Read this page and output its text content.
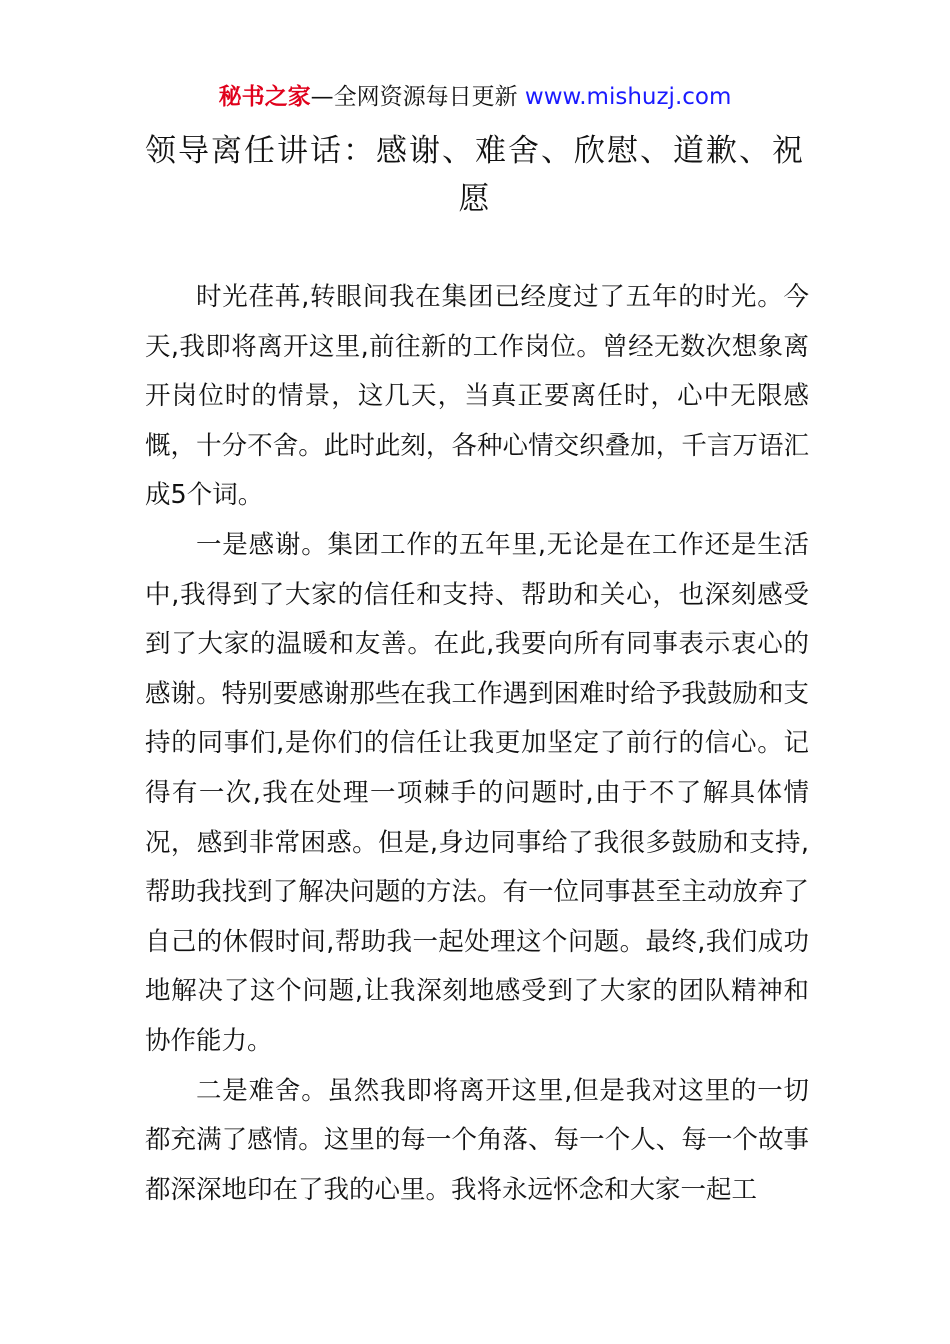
秘书之家—全网资源每日更新 www.mishuzj.com
领导离任讲话：感谢、难舍、欣慰、道歉、祝愿

时光荏苒,转眼间我在集团已经度过了五年的时光。今天,我即将离开这里,前往新的工作岗位。曾经无数次想象离开岗位时的情景，这几天，当真正要离任时，心中无限感慨，十分不舍。此时此刻，各种心情交织叠加，千言万语汇成5个词。

一是感谢。集团工作的五年里,无论是在工作还是生活中,我得到了大家的信任和支持、帮助和关心，也深刻感受到了大家的温暖和友善。在此,我要向所有同事表示衷心的感谢。特别要感谢那些在我工作遇到困难时给予我鼓励和支持的同事们,是你们的信任让我更加坚定了前行的信心。记得有一次,我在处理一项棘手的问题时,由于不了解具体情况，感到非常困惑。但是,身边同事给了我很多鼓励和支持,帮助我找到了解决问题的方法。有一位同事甚至主动放弃了自己的休假时间,帮助我一起处理这个问题。最终,我们成功地解决了这个问题,让我深刻地感受到了大家的团队精神和协作能力。

二是难舍。虽然我即将离开这里,但是我对这里的一切都充满了感情。这里的每一个角落、每一个人、每一个故事都深深地印在了我的心里。我将永远怀念和大家一起工
